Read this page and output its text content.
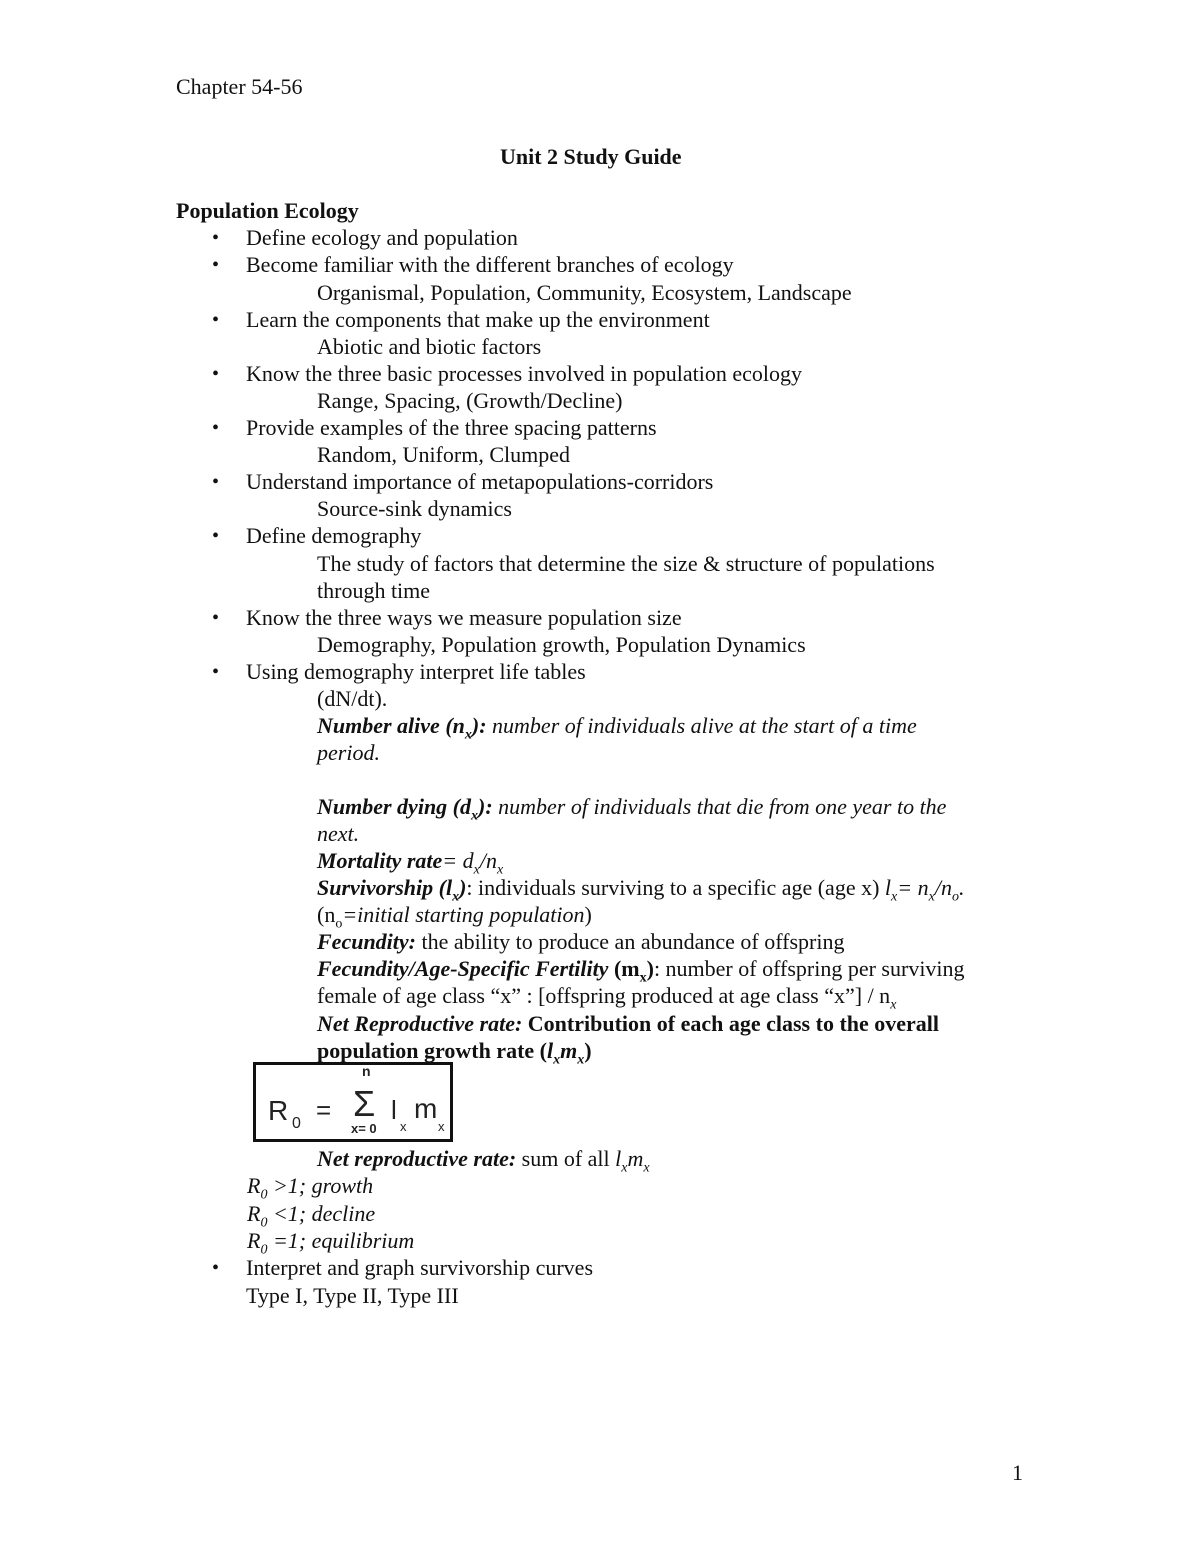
Chapter 54-56
Unit 2 Study Guide
Population Ecology
• Define ecology and population
• Become familiar with the different branches of ecology
Organismal, Population, Community, Ecosystem, Landscape
• Learn the components that make up the environment
Abiotic and biotic factors
• Know the three basic processes involved in population ecology
Range, Spacing, (Growth/Decline)
• Provide examples of the three spacing patterns
Random, Uniform, Clumped
• Understand importance of metapopulations-corridors
Source-sink dynamics
• Define demography
The study of factors that determine the size & structure of populations
through time
• Know the three ways we measure population size
Demography, Population growth, Population Dynamics
• Using demography interpret life tables
(dN/dt).
Number alive $(n_x)$: number of individuals alive at the start of a time
period.
Number dying $(d_x)$: number of individuals that die from one year to the
next.
Mortality rate= $d_x/n_x$
Survivorship $(l_x)$: individuals surviving to a specific age (age x) $l_x= n_x/n_o$.
($n_o=initial$ starting population)
Fecundity: the ability to produce an abundance of offspring
Fecundity/Age-Specific Fertility $(m_x)$: number of offspring per surviving
female of age class “x” : [offspring produced at age class “x”] / $n_x$
Net Reproductive rate: Contribution of each age class to the overall
population growth rate $(l_xm_x)$
R 0 = Σ
n
x= 0
l
x
m
x
Net reproductive rate: sum of all $l_xm_x$
$R_0 >1$; growth
$R_0 <1$; decline
$R_0 =1$; equilibrium
• Interpret and graph survivorship curves
Type I, Type II, Type III
1
